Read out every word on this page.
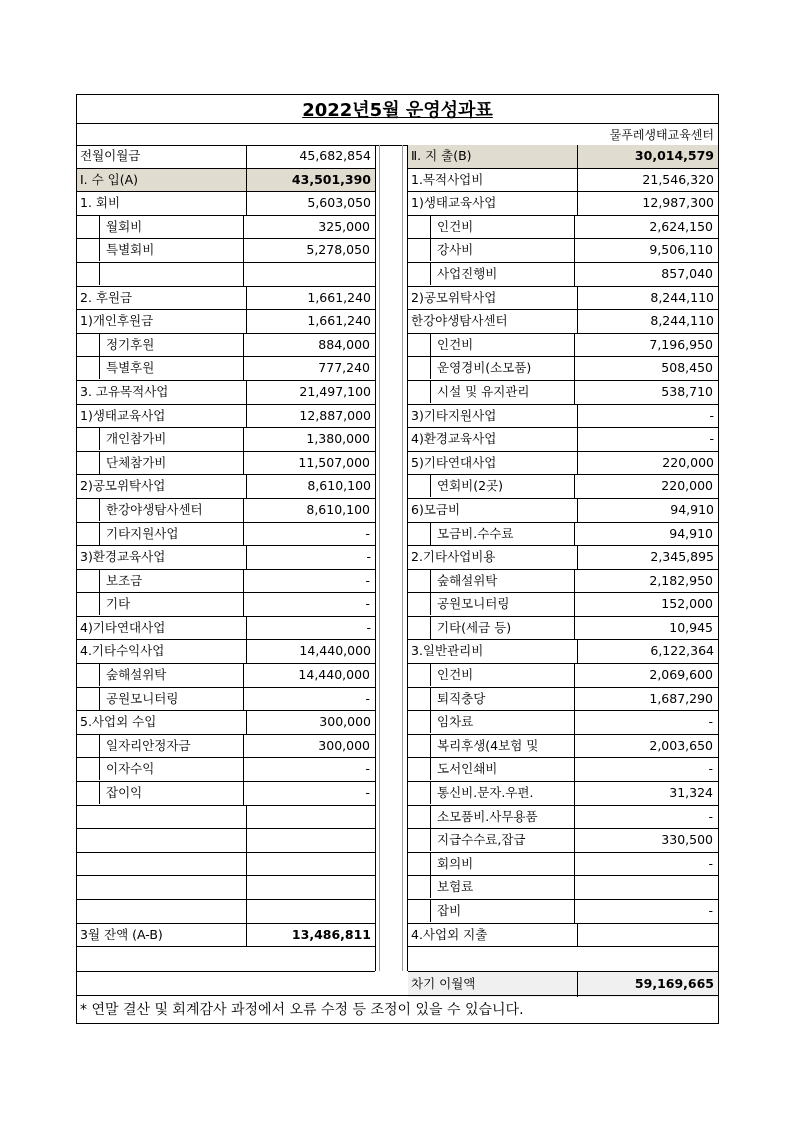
2022년5월 운영성과표
물푸레생태교육센터
전월이월금	45,682,854
Ⅰ. 수 입(A)	43,501,390
1. 회비	5,603,050
월회비	325,000
특별회비	5,278,050
2. 후원금	1,661,240
1)개인후원금	1,661,240
정기후원	884,000
특별후원	777,240
3. 고유목적사업	21,497,100
1)생태교육사업	12,887,000
개인참가비	1,380,000
단체참가비	11,507,000
2)공모위탁사업	8,610,100
한강야생탐사센터	8,610,100
기타지원사업	-
3)환경교육사업	-
보조금	-
기타	-
4)기타연대사업	-
4.기타수익사업	14,440,000
숲해설위탁	14,440,000
공원모니터링	-
5.사업외 수입	300,000
일자리안정자금	300,000
이자수익	-
잡이익	-
3월 잔액 (A-B)	13,486,811
Ⅱ. 지 출(B)	30,014,579
1.목적사업비	21,546,320
1)생태교육사업	12,987,300
인건비	2,624,150
강사비	9,506,110
사업진행비	857,040
2)공모위탁사업	8,244,110
한강야생탐사센터	8,244,110
인건비	7,196,950
운영경비(소모품)	508,450
시설 및 유지관리	538,710
3)기타지원사업	-
4)환경교육사업	-
5)기타연대사업	220,000
연회비(2곳)	220,000
6)모금비	94,910
모금비.수수료	94,910
2.기타사업비용	2,345,895
숲해설위탁	2,182,950
공원모니터링	152,000
기타(세금 등)	10,945
3.일반관리비	6,122,364
인건비	2,069,600
퇴직충당	1,687,290
임차료	-
복리후생(4보험 및	2,003,650
도서인쇄비	-
통신비.문자.우편.	31,324
소모품비.사무용품	-
지급수수료,잡급	330,500
회의비	-
보험료
잡비	-
4.사업외 지출
차기 이월액	59,169,665
* 연말 결산 및 회계감사 과정에서 오류 수정 등 조정이 있을 수 있습니다.
